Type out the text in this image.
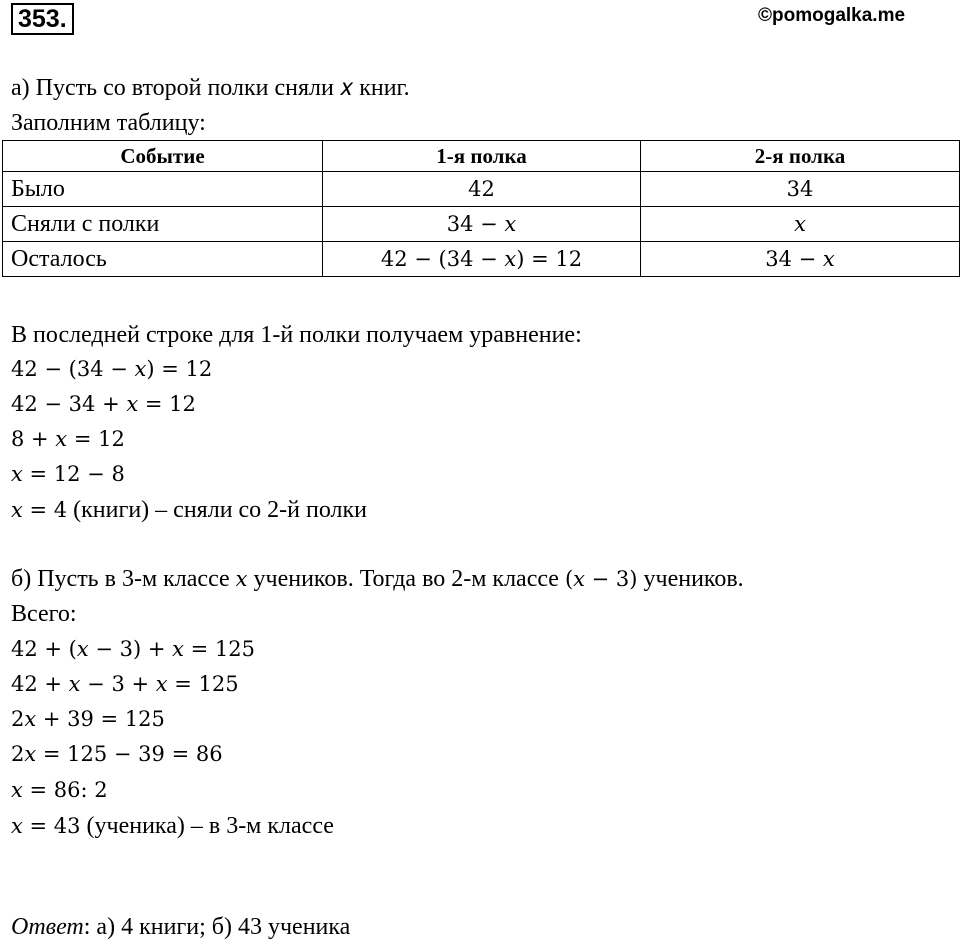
353.	©pomogalka.me
а) Пусть со второй полки сняли 𝑥 книг.
Заполним таблицу:
Событие	1-я полка	2-я полка
Было	42	34
Сняли с полки	34 − 𝑥	𝑥
Осталось	42 − (34 − 𝑥) = 12	34 − 𝑥
В последней строке для 1-й полки получаем уравнение:
42 − (34 − 𝑥) = 12
42 − 34 + 𝑥 = 12
8 + 𝑥 = 12
𝑥 = 12 − 8
𝑥 = 4 (книги) – сняли со 2-й полки
б) Пусть в 3-м классе 𝑥 учеников. Тогда во 2-м классе (𝑥 − 3) учеников.
Всего:
42 + (𝑥 − 3) + 𝑥 = 125
42 + 𝑥 − 3 + 𝑥 = 125
2𝑥 + 39 = 125
2𝑥 = 125 − 39 = 86
𝑥 = 86: 2
𝑥 = 43 (ученика) – в 3-м классе
Ответ: а) 4 книги; б) 43 ученика
